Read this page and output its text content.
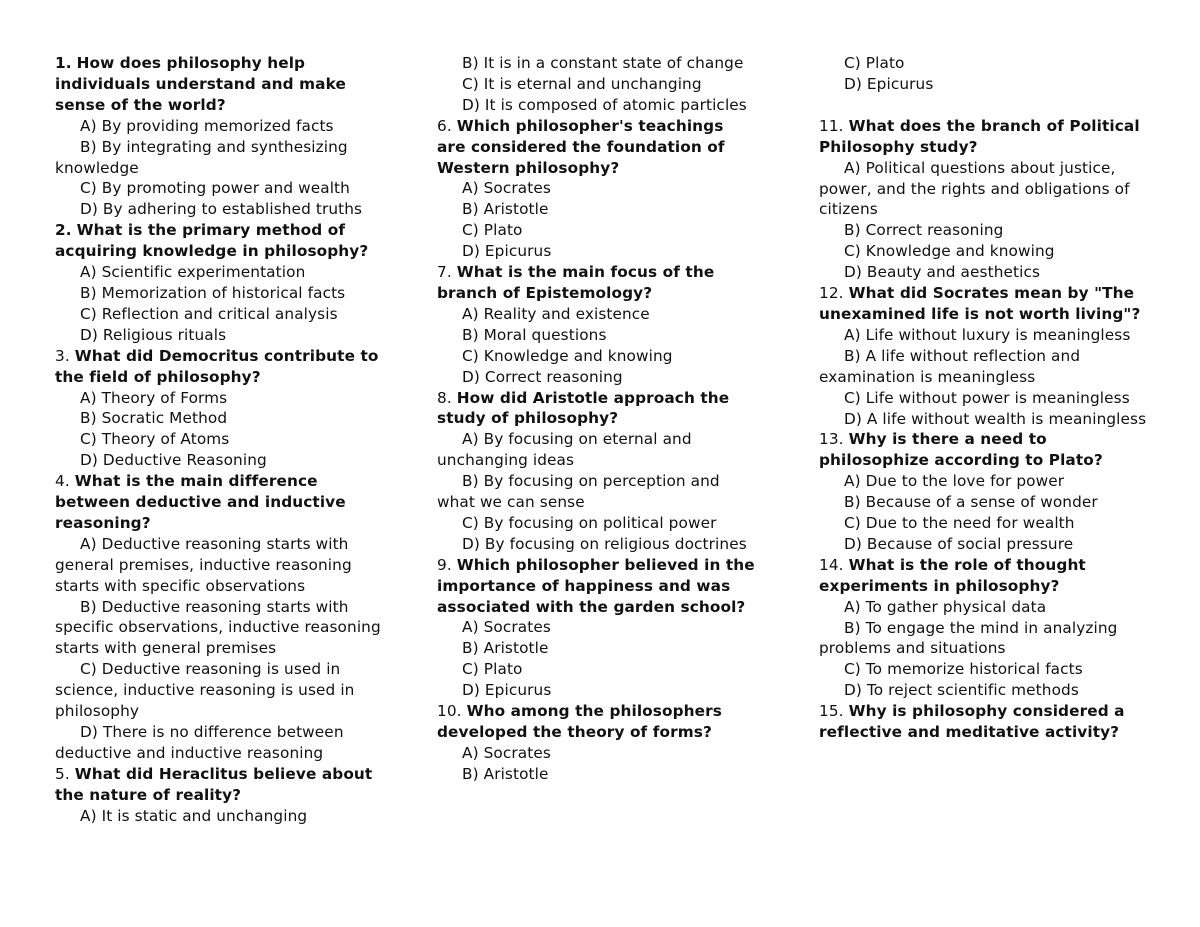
1. How does philosophy help individuals understand and make sense of the world?

A) By providing memorized facts

B) By integrating and synthesizing knowledge

C) By promoting power and wealth

D) By adhering to established truths

2. What is the primary method of acquiring knowledge in philosophy?

A) Scientific experimentation

B) Memorization of historical facts

C) Reflection and critical analysis

D) Religious rituals

3. What did Democritus contribute to the field of philosophy?

A) Theory of Forms

B) Socratic Method

C) Theory of Atoms

D) Deductive Reasoning

4. What is the main difference between deductive and inductive reasoning?

A) Deductive reasoning starts with general premises, inductive reasoning starts with specific observations

B) Deductive reasoning starts with specific observations, inductive reasoning starts with general premises

C) Deductive reasoning is used in science, inductive reasoning is used in philosophy

D) There is no difference between deductive and inductive reasoning

5. What did Heraclitus believe about the nature of reality?

A) It is static and unchanging

B) It is in a constant state of change

C) It is eternal and unchanging

D) It is composed of atomic particles

6. Which philosopher's teachings are considered the foundation of Western philosophy?

A) Socrates

B) Aristotle

C) Plato

D) Epicurus

7. What is the main focus of the branch of Epistemology?

A) Reality and existence

B) Moral questions

C) Knowledge and knowing

D) Correct reasoning

8. How did Aristotle approach the study of philosophy?

A) By focusing on eternal and unchanging ideas

B) By focusing on perception and what we can sense

C) By focusing on political power

D) By focusing on religious doctrines

9. Which philosopher believed in the importance of happiness and was associated with the garden school?

A) Socrates

B) Aristotle

C) Plato

D) Epicurus

10. Who among the philosophers developed the theory of forms?

A) Socrates

B) Aristotle

C) Plato

D) Epicurus

11. What does the branch of Political Philosophy study?

A) Political questions about justice, power, and the rights and obligations of citizens

B) Correct reasoning

C) Knowledge and knowing

D) Beauty and aesthetics

12. What did Socrates mean by "The unexamined life is not worth living"?

A) Life without luxury is meaningless

B) A life without reflection and examination is meaningless

C) Life without power is meaningless

D) A life without wealth is meaningless

13. Why is there a need to philosophize according to Plato?

A) Due to the love for power

B) Because of a sense of wonder

C) Due to the need for wealth

D) Because of social pressure

14. What is the role of thought experiments in philosophy?

A) To gather physical data

B) To engage the mind in analyzing problems and situations

C) To memorize historical facts

D) To reject scientific methods

15. Why is philosophy considered a reflective and meditative activity?
